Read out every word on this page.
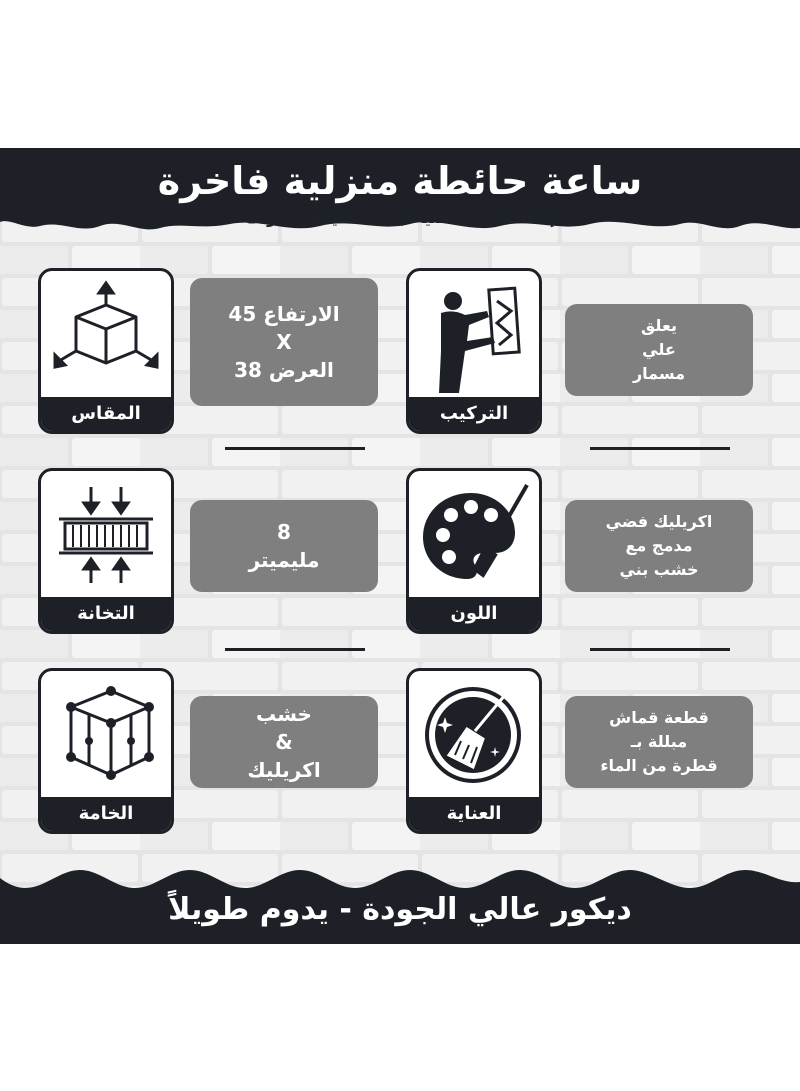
ساعة حائطة منزلية فاخرة
إضاف لمسة فنية جديدة لديكور منزلك
المقاس
الارتفاع 45
X
العرض 38
التركيب
يعلق
علي
مسمار
التخانة
8
مليميتر
اللون
اكريليك فضي
مدمج مع
خشب بني
الخامة
خشب
&
اكريليك
العناية
قطعة قماش
مبللة بـ
قطرة من الماء
ديكور عالي الجودة - يدوم طويلاً
